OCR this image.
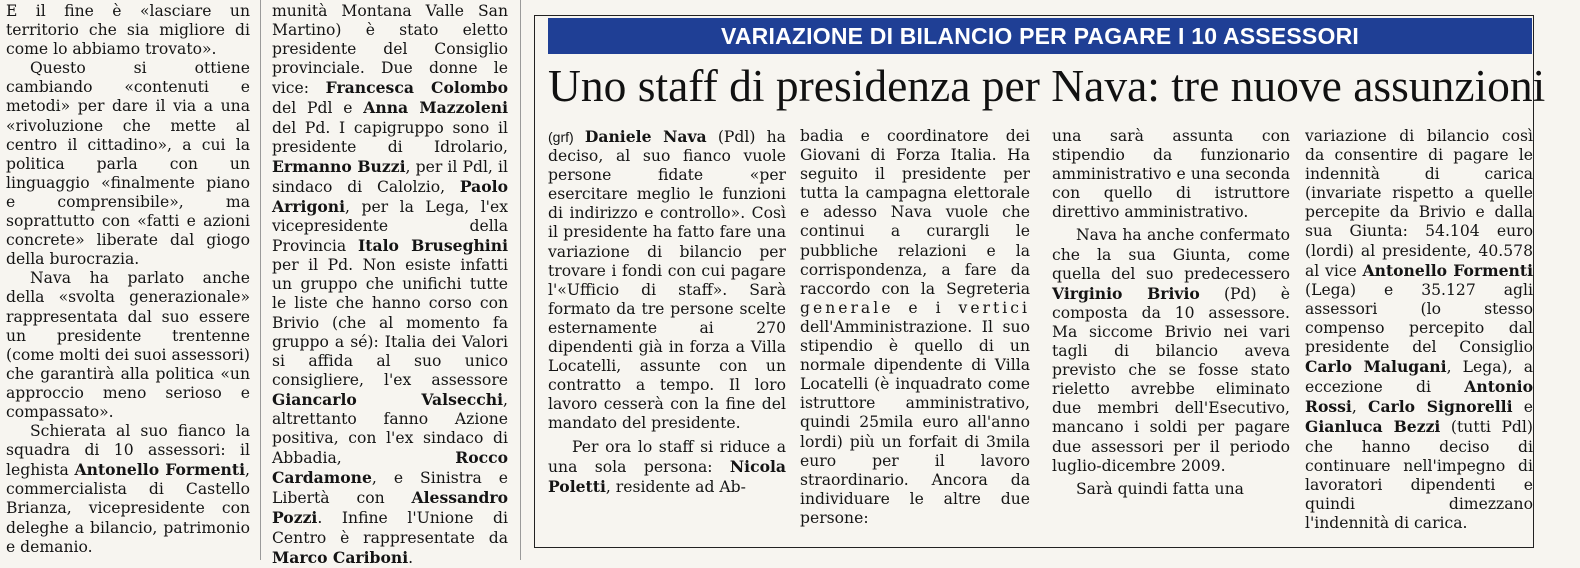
E il fine è «lasciare un territorio che sia migliore di come lo abbiamo trovato».

Questo si ottiene cambiando «contenuti e metodi» per dare il via a una «rivoluzione che mette al centro il cittadino», a cui la politica parla con un linguaggio «finalmente piano e comprensibile», ma soprattutto con «fatti e azioni concrete» liberate dal giogo della burocrazia.

Nava ha parlato anche della «svolta generazionale» rappresentata dal suo essere un presidente trentenne (come molti dei suoi assessori) che garantirà alla politica «un approccio meno serioso e compassato».

Schierata al suo fianco la squadra di 10 assessori: il leghista Antonello Formenti, commercialista di Castello Brianza, vicepresidente con deleghe a bilancio, patrimonio e demanio.

munità Montana Valle San Martino) è stato eletto presidente del Consiglio provinciale. Due donne le vice: Francesca Colombo del Pdl e Anna Mazzoleni del Pd. I capigruppo sono il presidente di Idrolario, Ermanno Buzzi, per il Pdl, il sindaco di Calolzio, Paolo Arrigoni, per la Lega, l'ex vicepresidente della Provincia Italo Bruseghini per il Pd. Non esiste infatti un gruppo che unifichi tutte le liste che hanno corso con Brivio (che al momento fa gruppo a sé): Italia dei Valori si affida al suo unico consigliere, l'ex assessore Giancarlo Valsecchi, altrettanto fanno Azione positiva, con l'ex sindaco di Abbadia, Rocco Cardamone, e Sinistra e Libertà con Alessandro Pozzi. Infine l'Unione di Centro è rappresentate da Marco Cariboni.

VARIAZIONE DI BILANCIO PER PAGARE I 10 ASSESSORI
Uno staff di presidenza per Nava: tre nuove assunzioni

(grf) Daniele Nava (Pdl) ha deciso, al suo fianco vuole persone fidate «per esercitare meglio le funzioni di indirizzo e controllo». Così il presidente ha fatto fare una variazione di bilancio per trovare i fondi con cui pagare l'«Ufficio di staff». Sarà formato da tre persone scelte esternamente ai 270 dipendenti già in forza a Villa Locatelli, assunte con un contratto a tempo. Il loro lavoro cesserà con la fine del mandato del presidente.

Per ora lo staff si riduce a una sola persona: Nicola Poletti, residente ad Ab-

badia e coordinatore dei Giovani di Forza Italia. Ha seguito il presidente per tutta la campagna elettorale e adesso Nava vuole che continui a curargli le pubbliche relazioni e la corrispondenza, a fare da raccordo con la Segreteria generale e i vertici dell'Amministrazione. Il suo stipendio è quello di un normale dipendente di Villa Locatelli (è inquadrato come istruttore amministrativo, quindi 25mila euro all'anno lordi) più un forfait di 3mila euro per il lavoro straordinario. Ancora da individuare le altre due persone:

una sarà assunta con stipendio da funzionario amministrativo e una seconda con quello di istruttore direttivo amministrativo.

Nava ha anche confermato che la sua Giunta, come quella del suo predecessero Virginio Brivio (Pd) è composta da 10 assessore. Ma siccome Brivio nei vari tagli di bilancio aveva previsto che se fosse stato rieletto avrebbe eliminato due membri dell'Esecutivo, mancano i soldi per pagare due assessori per il periodo luglio-dicembre 2009.

Sarà quindi fatta una

variazione di bilancio così da consentire di pagare le indennità di carica (invariate rispetto a quelle percepite da Brivio e dalla sua Giunta: 54.104 euro (lordi) al presidente, 40.578 al vice Antonello Formenti (Lega) e 35.127 agli assessori (lo stesso compenso percepito dal presidente del Consiglio Carlo Malugani, Lega), a eccezione di Antonio Rossi, Carlo Signorelli e Gianluca Bezzi (tutti Pdl) che hanno deciso di continuare nell'impegno di lavoratori dipendenti e quindi dimezzano l'indennità di carica.
